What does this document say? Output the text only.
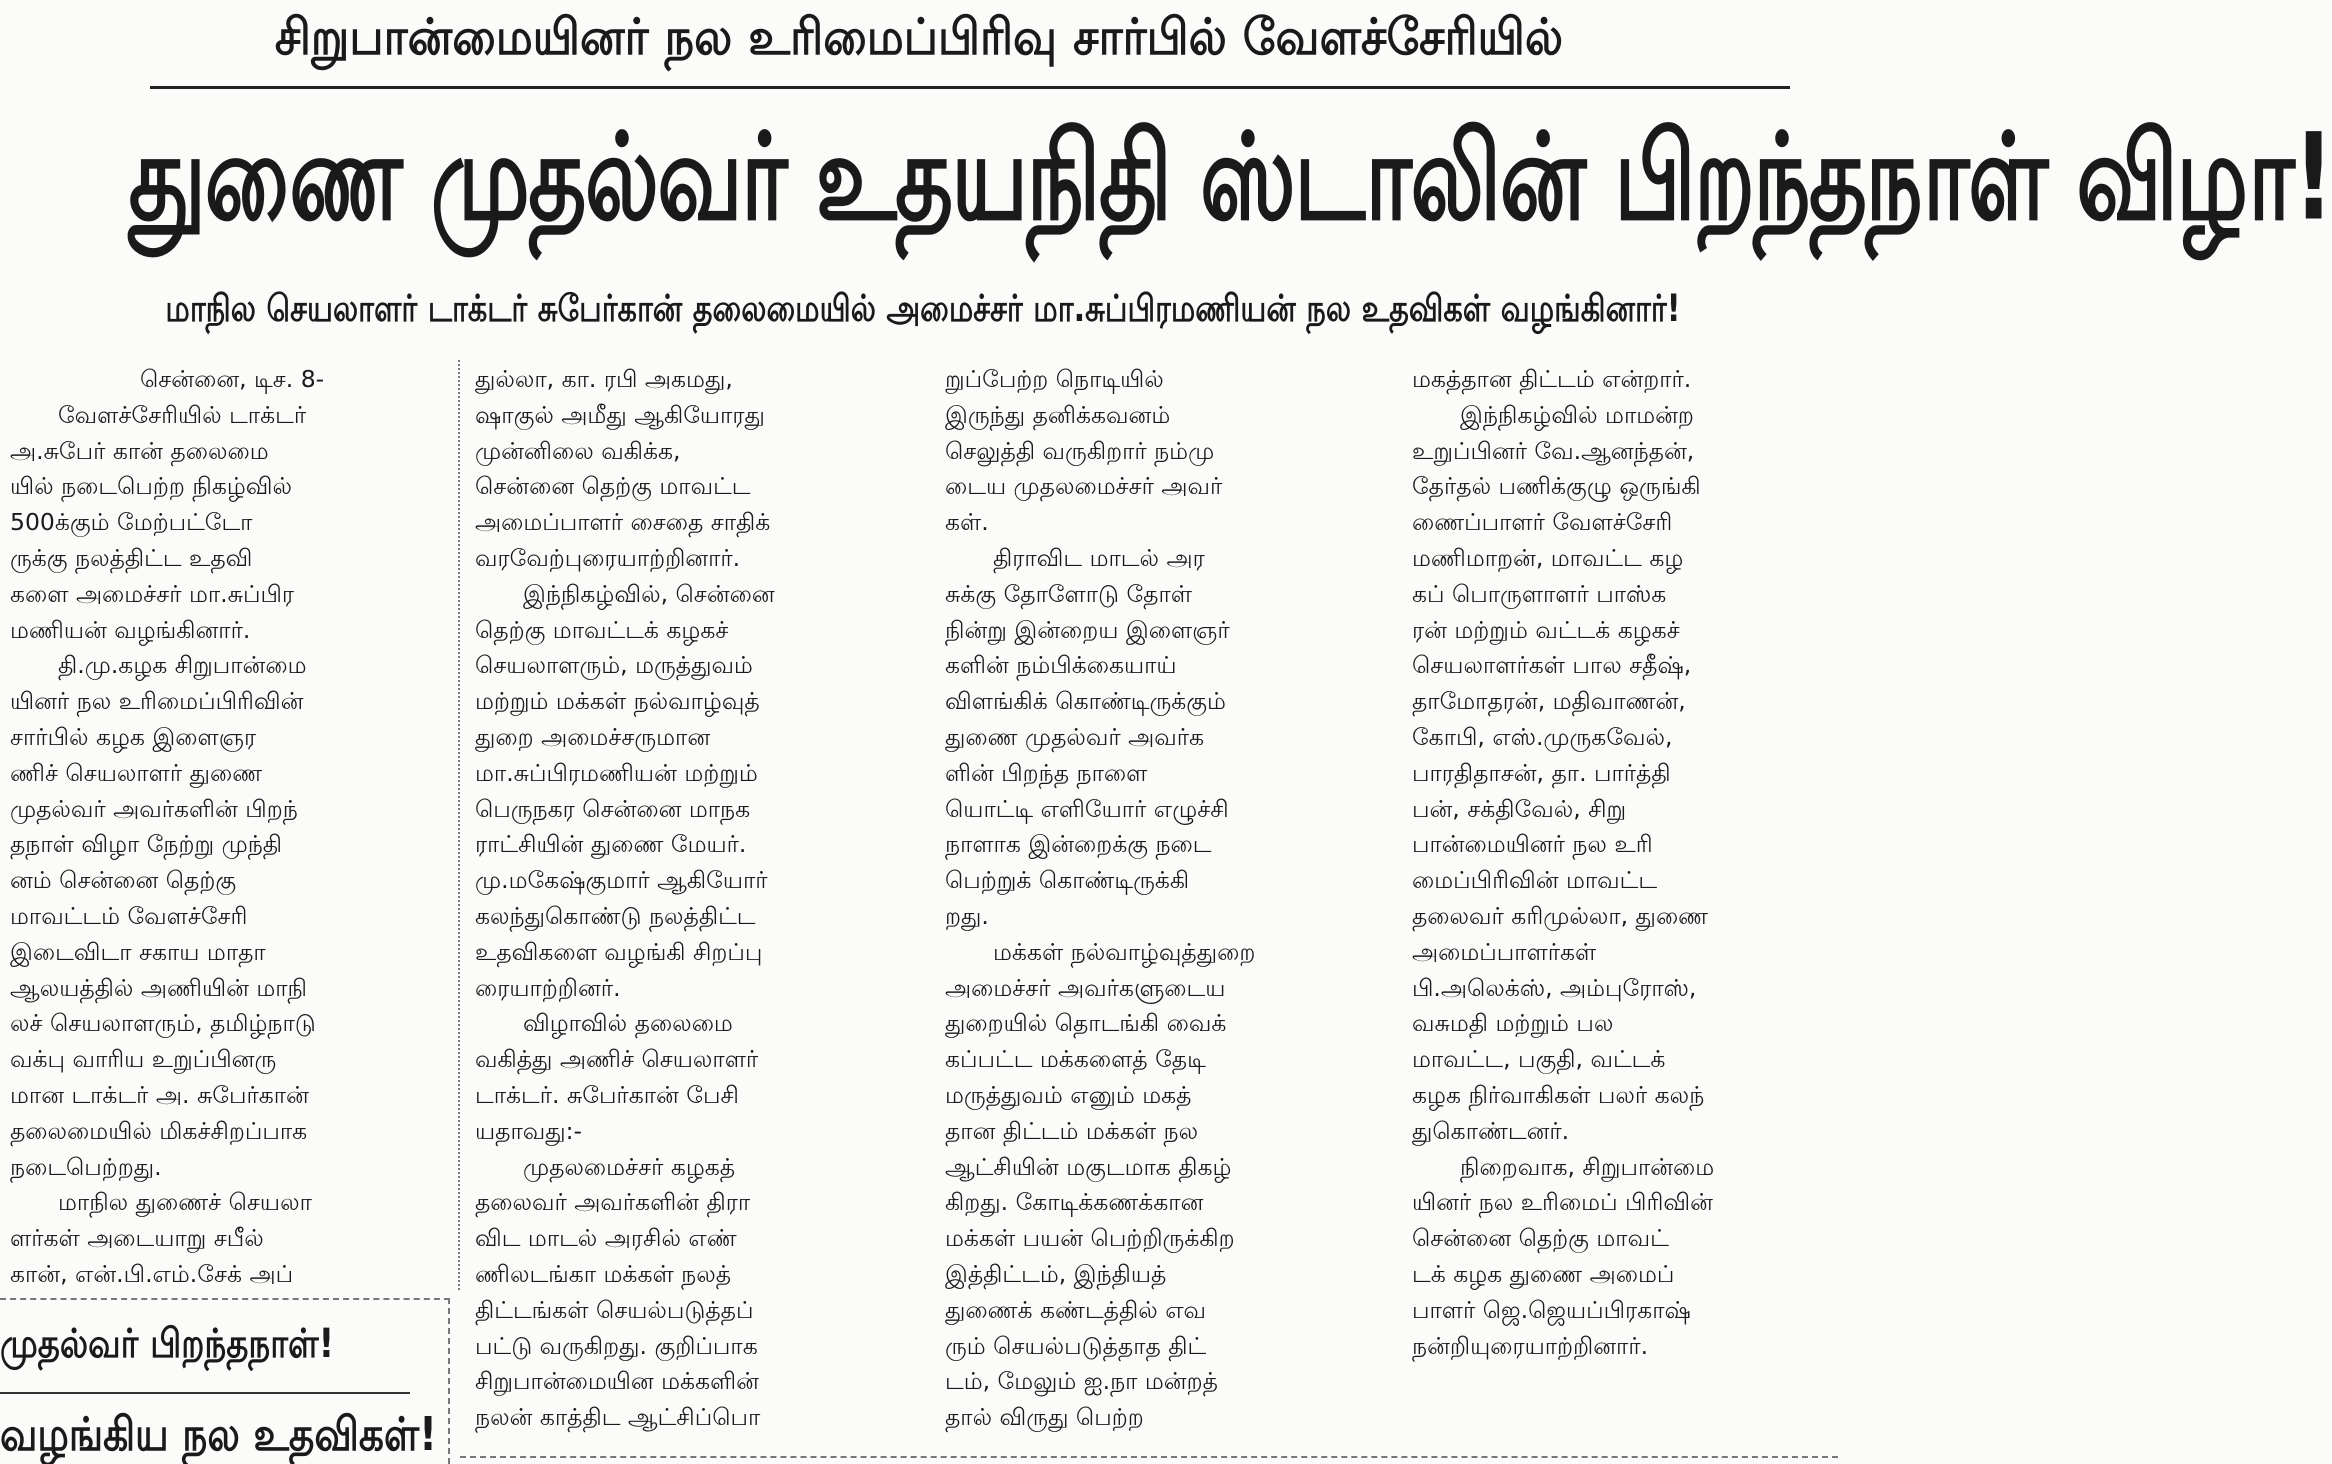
சிறுபான்மையினர் நல உரிமைப்பிரிவு சார்பில் வேளச்சேரியில்
துணை முதல்வர் உதயநிதி ஸ்டாலின் பிறந்தநாள் விழா!
மாநில செயலாளர் டாக்டர் சுபேர்கான் தலைமையில் அமைச்சர் மா.சுப்பிரமணியன் நல உதவிகள் வழங்கினார்!
சென்னை, டிச. 8-
வேளச்சேரியில் டாக்டர்
அ.சுபேர் கான் தலைமை
யில் நடைபெற்ற நிகழ்வில்
500க்கும் மேற்பட்டோ
ருக்கு நலத்திட்ட உதவி
களை அமைச்சர் மா.சுப்பிர
மணியன் வழங்கினார்.
தி.மு.கழக சிறுபான்மை
யினர் நல உரிமைப்பிரிவின்
சார்பில் கழக இளைஞர
ணிச் செயலாளர் துணை
முதல்வர் அவர்களின் பிறந்
தநாள் விழா நேற்று முந்தி
னம் சென்னை தெற்கு
மாவட்டம் வேளச்சேரி
இடைவிடா சகாய மாதா
ஆலயத்தில் அணியின் மாநி
லச் செயலாளரும், தமிழ்நாடு
வக்பு வாரிய உறுப்பினரு
மான டாக்டர் அ. சுபேர்கான்
தலைமையில் மிகச்சிறப்பாக
நடைபெற்றது.
மாநில துணைச் செயலா
ளர்கள் அடையாறு சபீல்
கான், என்.பி.எம்.சேக் அப்
துல்லா, கா. ரபி அகமது,
ஷாகுல் அமீது ஆகியோரது
முன்னிலை வகிக்க,
சென்னை தெற்கு மாவட்ட
அமைப்பாளர் சைதை சாதிக்
வரவேற்புரையாற்றினார்.
இந்நிகழ்வில், சென்னை
தெற்கு மாவட்டக் கழகச்
செயலாளரும், மருத்துவம்
மற்றும் மக்கள் நல்வாழ்வுத்
துறை அமைச்சருமான
மா.சுப்பிரமணியன் மற்றும்
பெருநகர சென்னை மாநக
ராட்சியின் துணை மேயர்.
மு.மகேஷ்குமார் ஆகியோர்
கலந்துகொண்டு நலத்திட்ட
உதவிகளை வழங்கி சிறப்பு
ரையாற்றினர்.
விழாவில் தலைமை
வகித்து அணிச் செயலாளர்
டாக்டர். சுபேர்கான் பேசி
யதாவது:-
முதலமைச்சர் கழகத்
தலைவர் அவர்களின் திரா
விட மாடல் அரசில் எண்
ணிலடங்கா மக்கள் நலத்
திட்டங்கள் செயல்படுத்தப்
பட்டு வருகிறது. குறிப்பாக
சிறுபான்மையின மக்களின்
நலன் காத்திட ஆட்சிப்பொ
றுப்பேற்ற நொடியில்
இருந்து தனிக்கவனம்
செலுத்தி வருகிறார் நம்மு
டைய முதலமைச்சர் அவர்
கள்.
திராவிட மாடல் அர
சுக்கு தோளோடு தோள்
நின்று இன்றைய இளைஞர்
களின் நம்பிக்கையாய்
விளங்கிக் கொண்டிருக்கும்
துணை முதல்வர் அவர்க
ளின் பிறந்த நாளை
யொட்டி எளியோர் எழுச்சி
நாளாக இன்றைக்கு நடை
பெற்றுக் கொண்டிருக்கி
றது.
மக்கள் நல்வாழ்வுத்துறை
அமைச்சர் அவர்களுடைய
துறையில் தொடங்கி வைக்
கப்பட்ட மக்களைத் தேடி
மருத்துவம் எனும் மகத்
தான திட்டம் மக்கள் நல
ஆட்சியின் மகுடமாக திகழ்
கிறது. கோடிக்கணக்கான
மக்கள் பயன் பெற்றிருக்கிற
இத்திட்டம், இந்தியத்
துணைக் கண்டத்தில் எவ
ரும் செயல்படுத்தாத திட்
டம், மேலும் ஐ.நா மன்றத்
தால் விருது பெற்ற
மகத்தான திட்டம் என்றார்.
இந்நிகழ்வில் மாமன்ற
உறுப்பினர் வே.ஆனந்தன்,
தேர்தல் பணிக்குழு ஒருங்கி
ணைப்பாளர் வேளச்சேரி
மணிமாறன், மாவட்ட கழ
கப் பொருளாளர் பாஸ்க
ரன் மற்றும் வட்டக் கழகச்
செயலாளர்கள் பால சதீஷ்,
தாமோதரன், மதிவாணன்,
கோபி, எஸ்.முருகவேல்,
பாரதிதாசன், தா. பார்த்தி
பன், சக்திவேல், சிறு
பான்மையினர் நல உரி
மைப்பிரிவின் மாவட்ட
தலைவர் கரிமுல்லா, துணை
அமைப்பாளர்கள்
பி.அலெக்ஸ், அம்புரோஸ்,
வசுமதி மற்றும் பல
மாவட்ட, பகுதி, வட்டக்
கழக நிர்வாகிகள் பலர் கலந்
துகொண்டனர்.
நிறைவாக, சிறுபான்மை
யினர் நல உரிமைப் பிரிவின்
சென்னை தெற்கு மாவட்
டக் கழக துணை அமைப்
பாளர் ஜெ.ஜெயப்பிரகாஷ்
நன்றியுரையாற்றினார்.
முதல்வர் பிறந்தநாள்!
வழங்கிய நல உதவிகள்!
